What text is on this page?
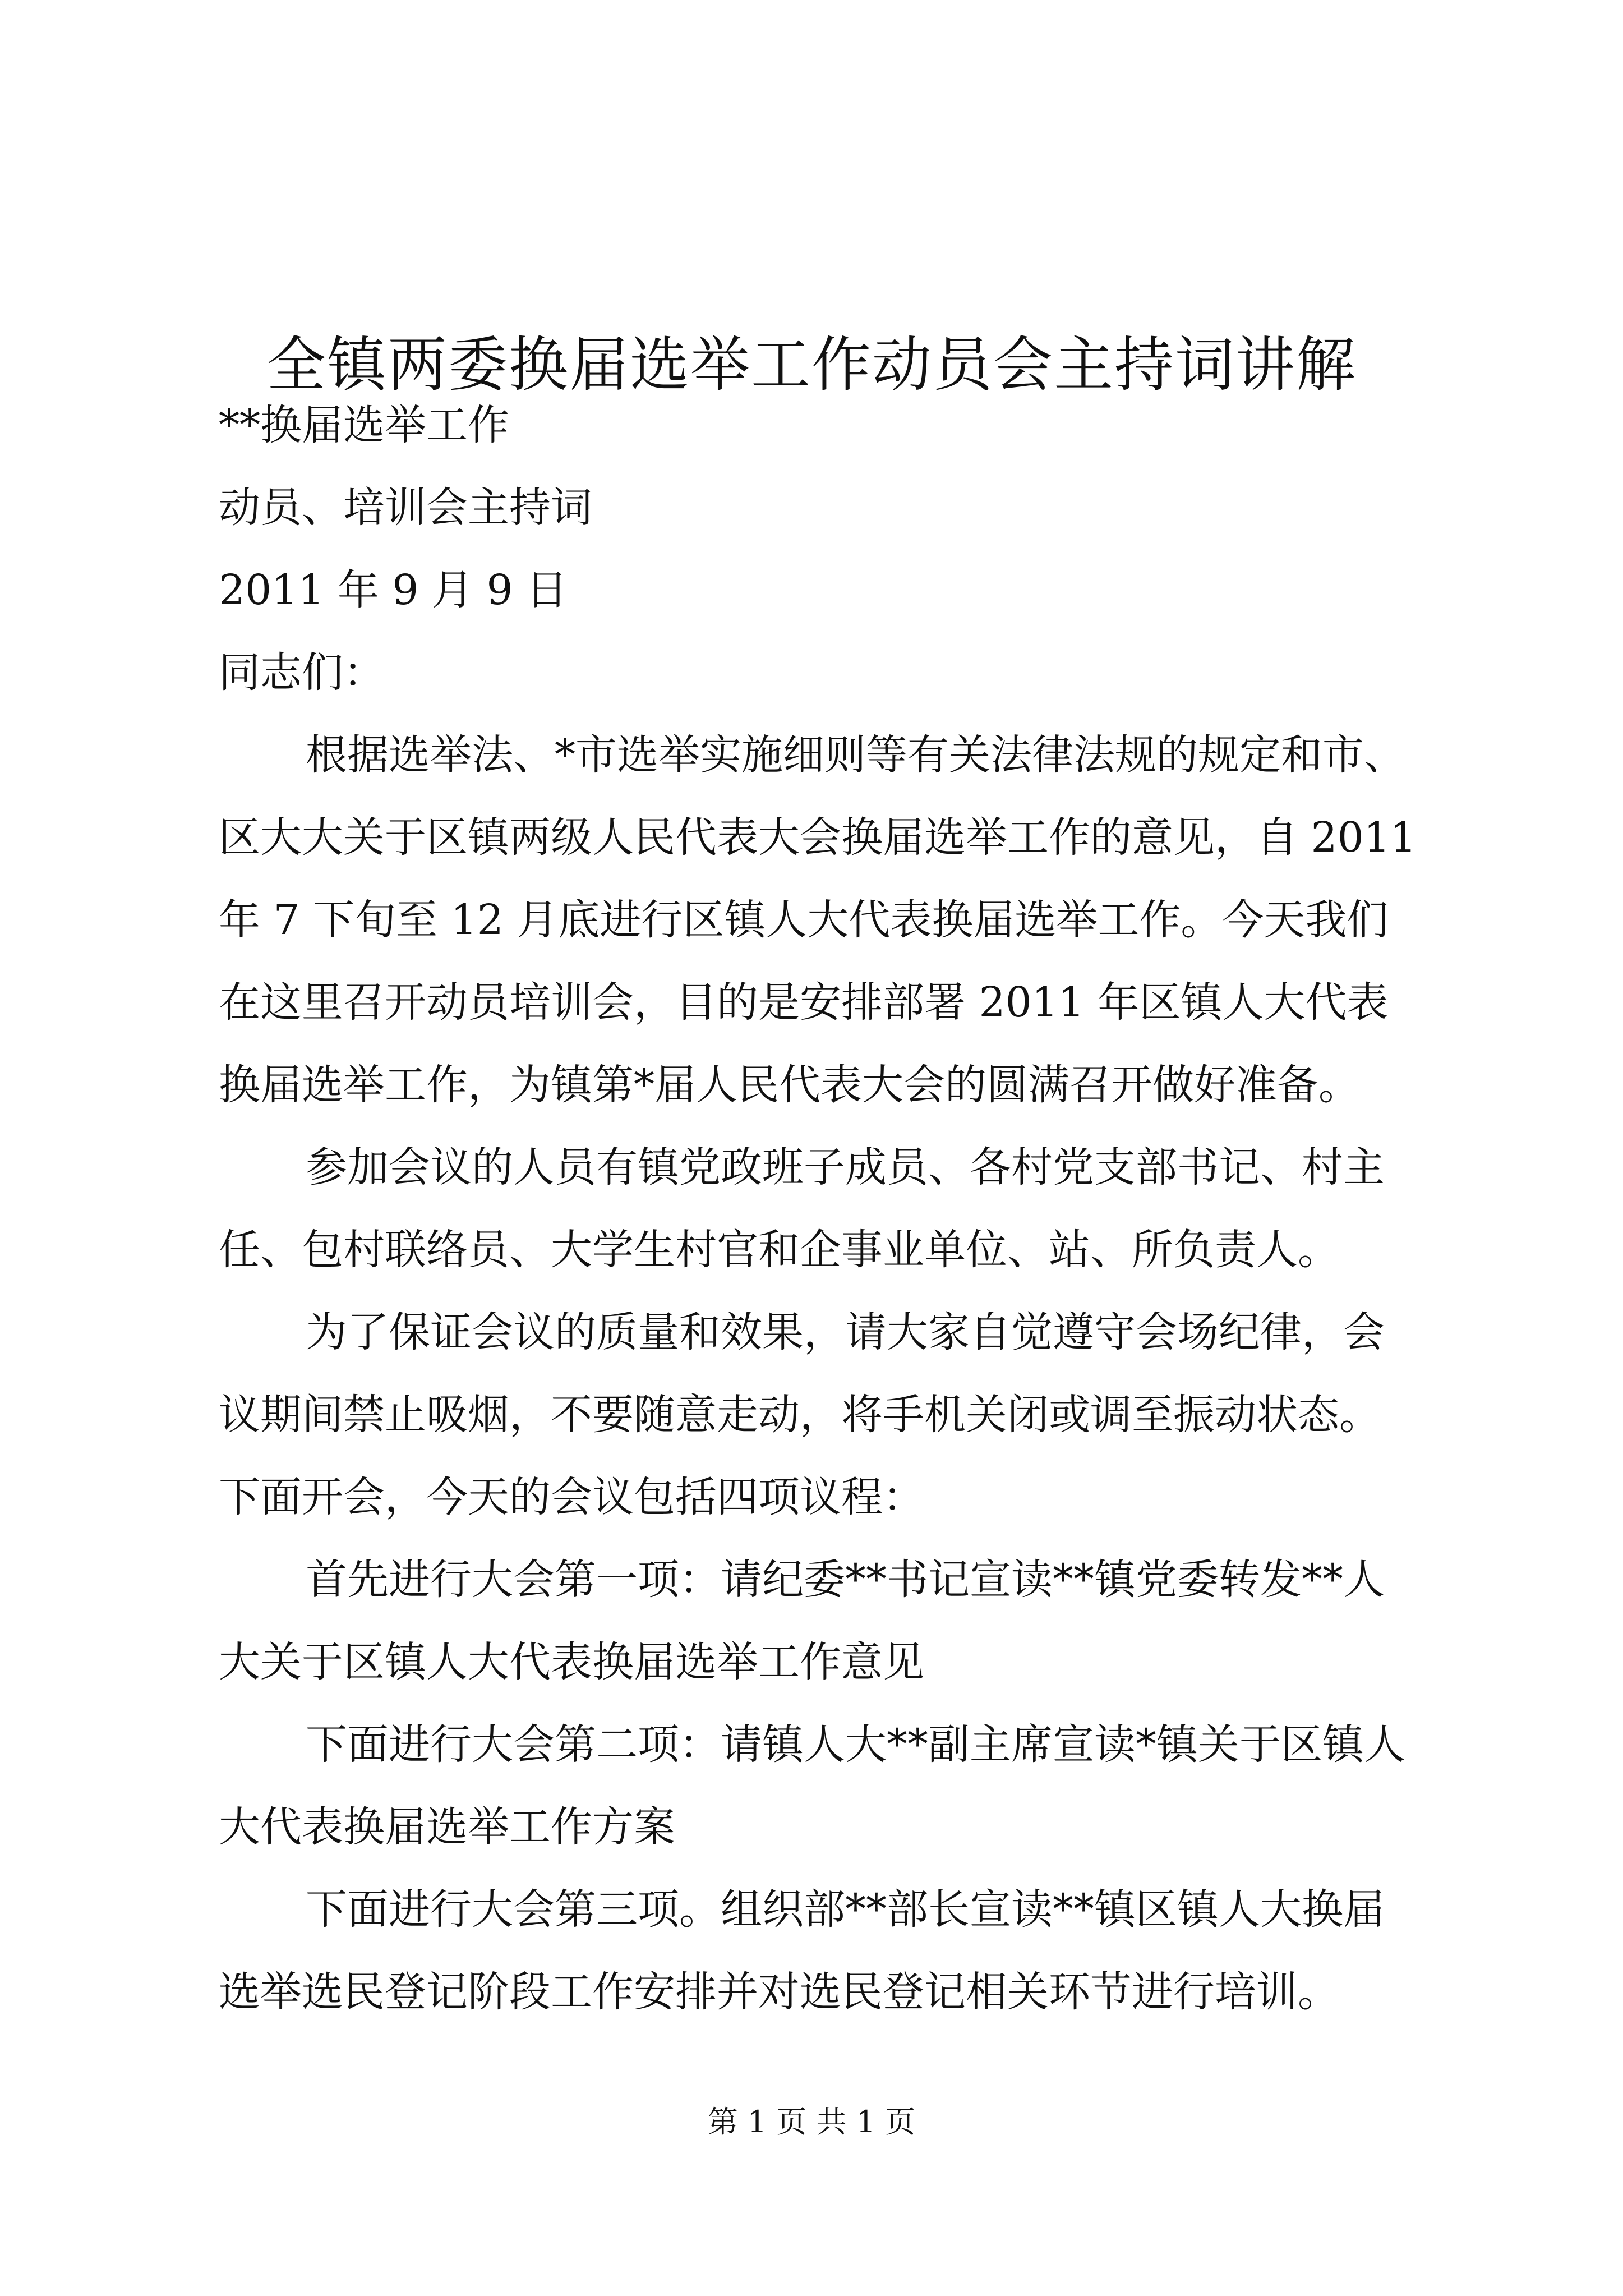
全镇两委换届选举工作动员会主持词讲解

**换届选举工作

动员、培训会主持词

2011 年 9 月 9 日

同志们：

根据选举法、*市选举实施细则等有关法律法规的规定和市、区大大关于区镇两级人民代表大会换届选举工作的意见，自 2011 年 7 下旬至 12 月底进行区镇人大代表换届选举工作。今天我们在这里召开动员培训会，目的是安排部署 2011 年区镇人大代表换届选举工作，为镇第*届人民代表大会的圆满召开做好准备。

参加会议的人员有镇党政班子成员、各村党支部书记、村主任、包村联络员、大学生村官和企事业单位、站、所负责人。

为了保证会议的质量和效果，请大家自觉遵守会场纪律，会议期间禁止吸烟，不要随意走动，将手机关闭或调至振动状态。下面开会，今天的会议包括四项议程：

首先进行大会第一项：请纪委**书记宣读**镇党委转发**人大关于区镇人大代表换届选举工作意见

下面进行大会第二项：请镇人大**副主席宣读*镇关于区镇人大代表换届选举工作方案

下面进行大会第三项。组织部**部长宣读**镇区镇人大换届选举选民登记阶段工作安排并对选民登记相关环节进行培训。

第 1 页 共 1 页
